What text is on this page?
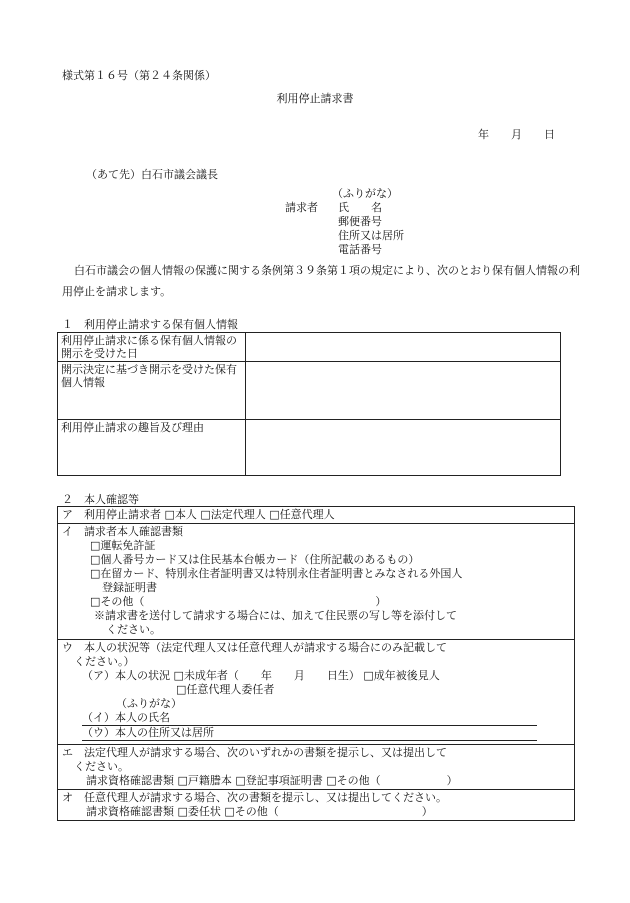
様式第１６号（第２４条関係）
利用停止請求書
年 月 日
（あて先）白石市議会議長
（ふりがな）
請求者 氏　　名
郵便番号
住所又は居所
電話番号
白石市議会の個人情報の保護に関する条例第３９条第１項の規定により、次のとおり保有個人情報の利用停止を請求します。
１　利用停止請求する保有個人情報
利用停止請求に係る保有個人情報の開示を受けた日	
開示決定に基づき開示を受けた保有個人情報	
利用停止請求の趣旨及び理由	
２　本人確認等
ア　利用停止請求者 □本人 □法定代理人 □任意代理人
イ　請求者本人確認書類
□運転免許証
□個人番号カード又は住民基本台帳カード（住所記載のあるもの）
□在留カード、特別永住者証明書又は特別永住者証明書とみなされる外国人
登録証明書
□その他（　　　　　　　　　　　　　　　　　　　　　）
※請求書を送付して請求する場合には、加えて住民票の写し等を添付して
ください。
ウ　本人の状況等（法定代理人又は任意代理人が請求する場合にのみ記載して
ください。）
（ア）本人の状況 □未成年者（　　年　　月　　日生） □成年被後見人
□任意代理人委任者
（ふりがな）
（イ）本人の氏名
（ウ）本人の住所又は居所
エ　法定代理人が請求する場合、次のいずれかの書類を提示し、又は提出して
ください。
請求資格確認書類 □戸籍謄本 □登記事項証明書 □その他（　　　　　　）
オ　任意代理人が請求する場合、次の書類を提示し、又は提出してください。
請求資格確認書類 □委任状 □その他（　　　　　　　　　　　　　）
